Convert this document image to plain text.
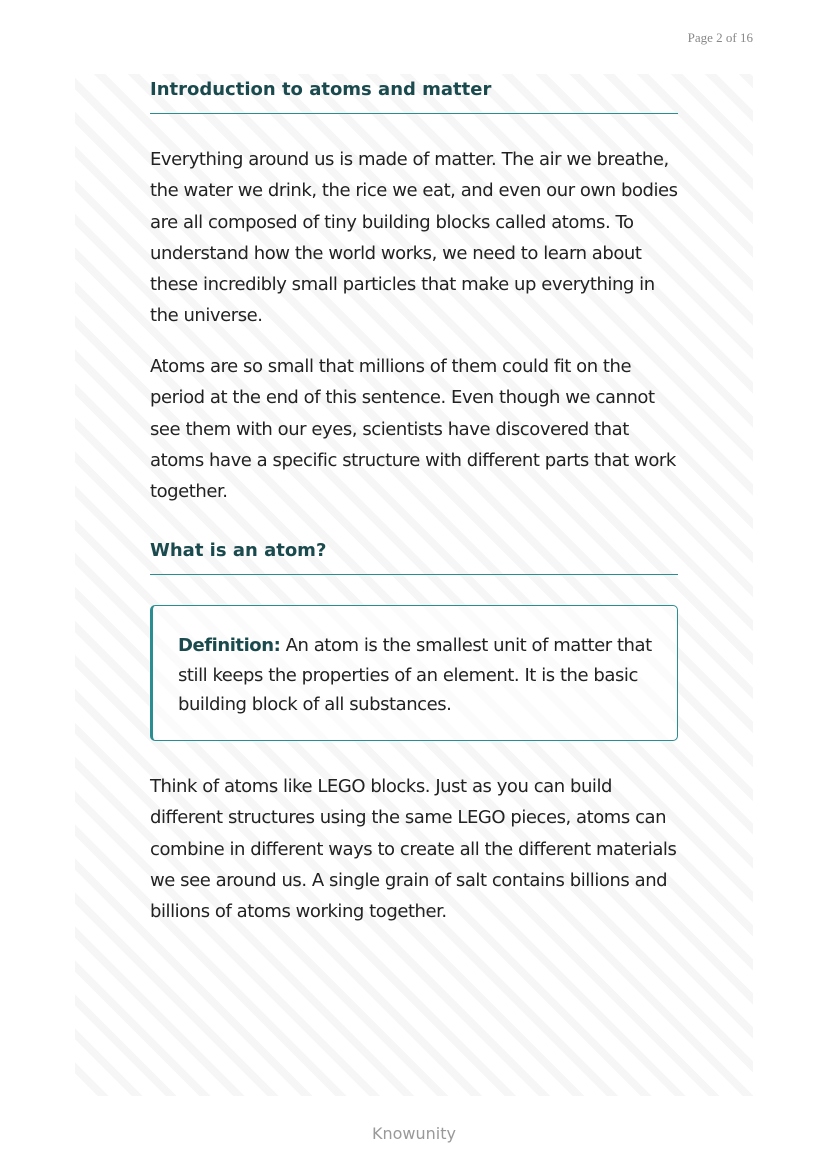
Page 2 of 16
Introduction to atoms and matter

Everything around us is made of matter. The air we breathe, the water we drink, the rice we eat, and even our own bodies are all composed of tiny building blocks called atoms. To understand how the world works, we need to learn about these incredibly small particles that make up everything in the universe.

Atoms are so small that millions of them could fit on the period at the end of this sentence. Even though we cannot see them with our eyes, scientists have discovered that atoms have a specific structure with different parts that work together.

What is an atom?

Definition: An atom is the smallest unit of matter that still keeps the properties of an element. It is the basic building block of all substances.

Think of atoms like LEGO blocks. Just as you can build different structures using the same LEGO pieces, atoms can combine in different ways to create all the different materials we see around us. A single grain of salt contains billions and billions of atoms working together.

Knowunity
